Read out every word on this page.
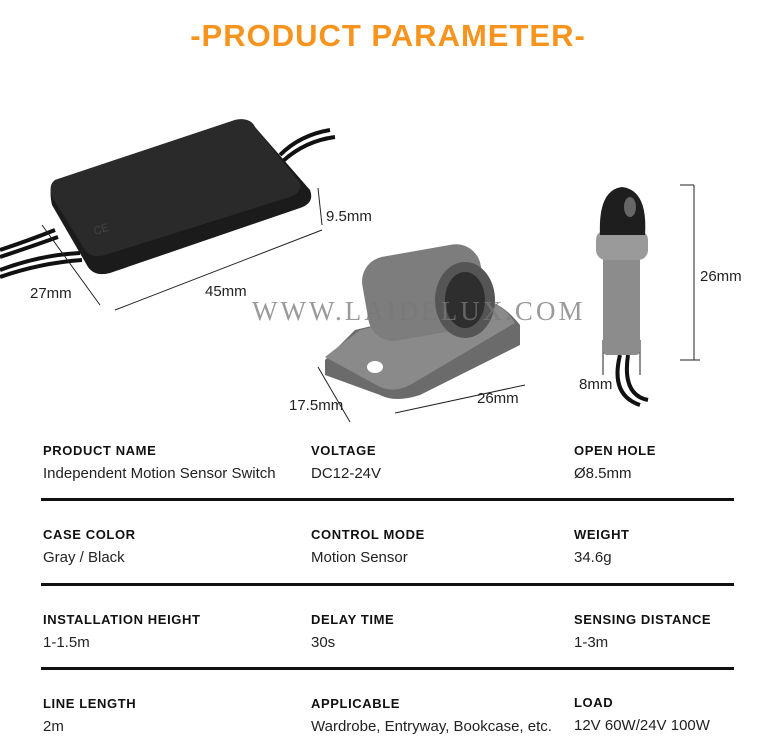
-PRODUCT PARAMETER-
CE
9.5mm
27mm	45mm
17.5mm	26mm
26mm
8mm
WWW.LAIDELUX.COM
PRODUCT NAME
Independent Motion Sensor Switch
VOLTAGE
DC12-24V
OPEN HOLE
Ø8.5mm
CASE COLOR
Gray / Black
CONTROL MODE
Motion Sensor
WEIGHT
34.6g
INSTALLATION HEIGHT
1-1.5m
DELAY TIME
30s
SENSING DISTANCE
1-3m
LINE LENGTH
2m
APPLICABLE
Wardrobe, Entryway, Bookcase, etc.
LOAD
12V 60W/24V 100W
